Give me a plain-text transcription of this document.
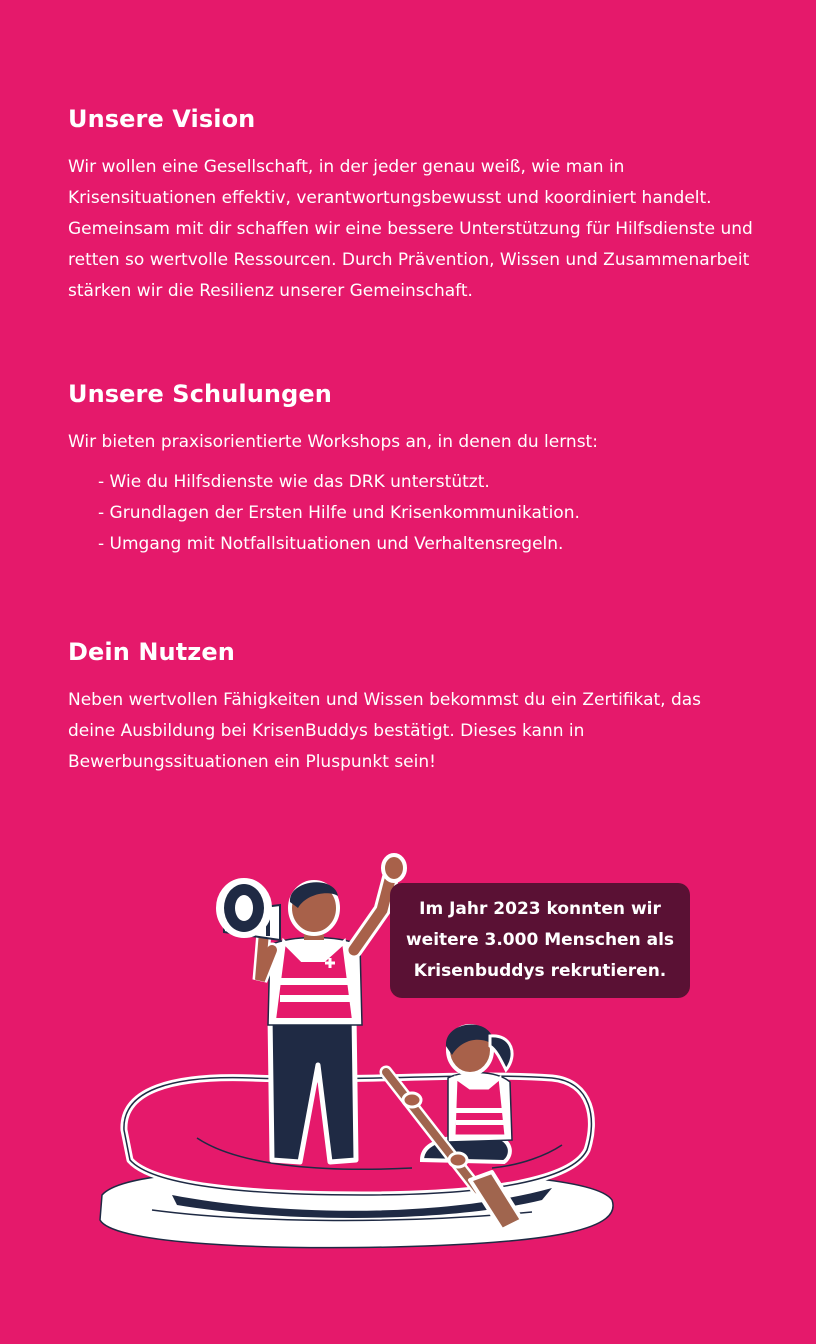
Unsere Vision

Wir wollen eine Gesellschaft, in der jeder genau weiß, wie man in Krisensituationen effektiv, verantwortungsbewusst und koordiniert handelt. Gemeinsam mit dir schaffen wir eine bessere Unterstützung für Hilfsdienste und retten so wertvolle Ressourcen. Durch Prävention, Wissen und Zusammenarbeit stärken wir die Resilienz unserer Gemeinschaft.

Unsere Schulungen

Wir bieten praxisorientierte Workshops an, in denen du lernst:

- Wie du Hilfsdienste wie das DRK unterstützt.
- Grundlagen der Ersten Hilfe und Krisenkommunikation.
- Umgang mit Notfallsituationen und Verhaltensregeln.
Dein Nutzen

Neben wertvollen Fähigkeiten und Wissen bekommst du ein Zertifikat, das deine Ausbildung bei KrisenBuddys bestätigt. Dieses kann in Bewerbungssituationen ein Pluspunkt sein!

Im Jahr 2023 konnten wir weitere 3.000 Menschen als Krisenbuddys rekrutieren.
